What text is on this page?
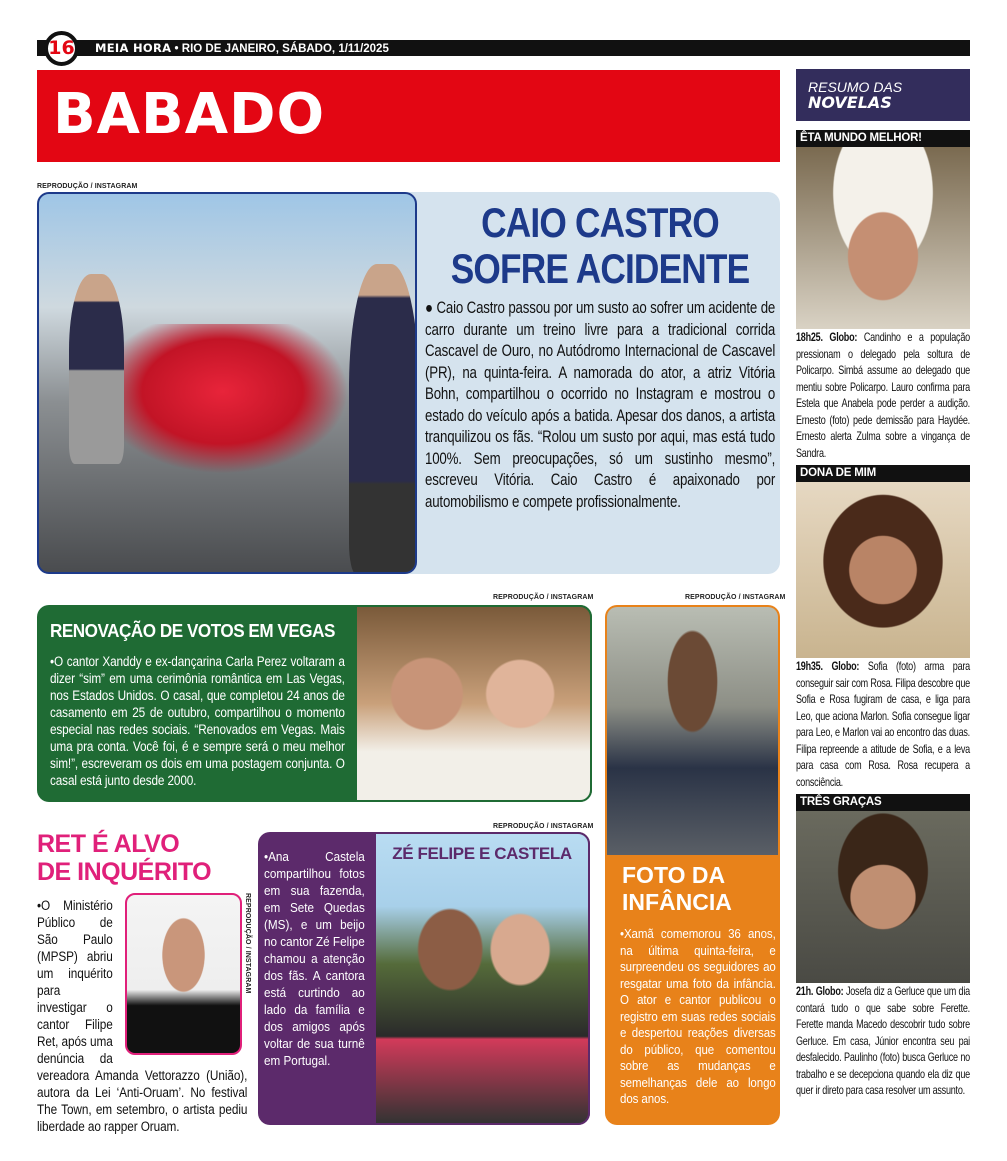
MEIA HORA • RIO DE JANEIRO, SÁBADO, 1/11/2025
16
BABADO
REPRODUÇÃO / INSTAGRAM
CAIO CASTRO
SOFRE ACIDENTE
● Caio Castro passou por um susto ao sofrer um acidente de carro durante um treino livre para a tradicional corrida Cascavel de Ouro, no Autódromo Internacional de Cascavel (PR), na quinta-feira. A namorada do ator, a atriz Vitória Bohn, compartilhou o ocorrido no Instagram e mostrou o estado do veículo após a batida. Apesar dos danos, a artista tranquilizou os fãs. “Rolou um susto por aqui, mas está tudo 100%. Sem preocupações, só um sustinho mesmo”, escreveu Vitória. Caio Castro é apaixonado por automobilismo e compete profissionalmente.
REPRODUÇÃO / INSTAGRAM	REPRODUÇÃO / INSTAGRAM
RENOVAÇÃO DE VOTOS EM VEGAS
•O cantor Xanddy e ex-dançarina Carla Perez voltaram a dizer “sim” em uma cerimônia romântica em Las Vegas, nos Estados Unidos. O casal, que completou 24 anos de casamento em 25 de outubro, compartilhou o momento especial nas redes sociais. “Renovados em Vegas. Mais uma pra conta. Você foi, é e sempre será o meu melhor sim!”, escreveram os dois em uma postagem conjunta. O casal está junto desde 2000.
FOTO DA
INFÂNCIA
•Xamã comemorou 36 anos, na última quinta-feira, e surpreendeu os seguidores ao resgatar uma foto da infância. O ator e cantor publicou o registro em suas redes sociais e despertou reações diversas do público, que comentou sobre as mudanças e semelhanças dele ao longo dos anos.
RET É ALVO
DE INQUÉRITO
•O Ministério Público de São Paulo (MPSP) abriu um inquérito para investigar o cantor Filipe Ret, após uma denúncia da vereadora Amanda Vettorazzo (União), autora da Lei ‘Anti-Oruam’. No festival The Town, em setembro, o artista pediu liberdade ao rapper Oruam.
REPRODUÇÃO / INSTAGRAM
REPRODUÇÃO / INSTAGRAM
•Ana Castela compartilhou fotos em sua fazenda, em Sete Quedas (MS), e um beijo no cantor Zé Felipe chamou a atenção dos fãs. A cantora está curtindo ao lado da família e dos amigos após voltar de sua turnê em Portugal.
ZÉ FELIPE E CASTELA
RESUMO DAS
NOVELAS
ÊTA MUNDO MELHOR!
18h25. Globo: Candinho e a população pressionam o delegado pela soltura de Policarpo. Simbá assume ao delegado que mentiu sobre Policarpo. Lauro confirma para Estela que Anabela pode perder a audição. Ernesto (foto) pede demissão para Haydée. Ernesto alerta Zulma sobre a vingança de Sandra.
DONA DE MIM
19h35. Globo: Sofia (foto) arma para conseguir sair com Rosa. Filipa descobre que Sofia e Rosa fugiram de casa, e liga para Leo, que aciona Marlon. Sofia consegue ligar para Leo, e Marlon vai ao encontro das duas. Filipa repreende a atitude de Sofia, e a leva para casa com Rosa. Rosa recupera a consciência.
TRÊS GRAÇAS
21h. Globo: Josefa diz a Gerluce que um dia contará tudo o que sabe sobre Ferette. Ferette manda Macedo descobrir tudo sobre Gerluce. Em casa, Júnior encontra seu pai desfalecido. Paulinho (foto) busca Gerluce no trabalho e se decepciona quando ela diz que quer ir direto para casa resolver um assunto.
